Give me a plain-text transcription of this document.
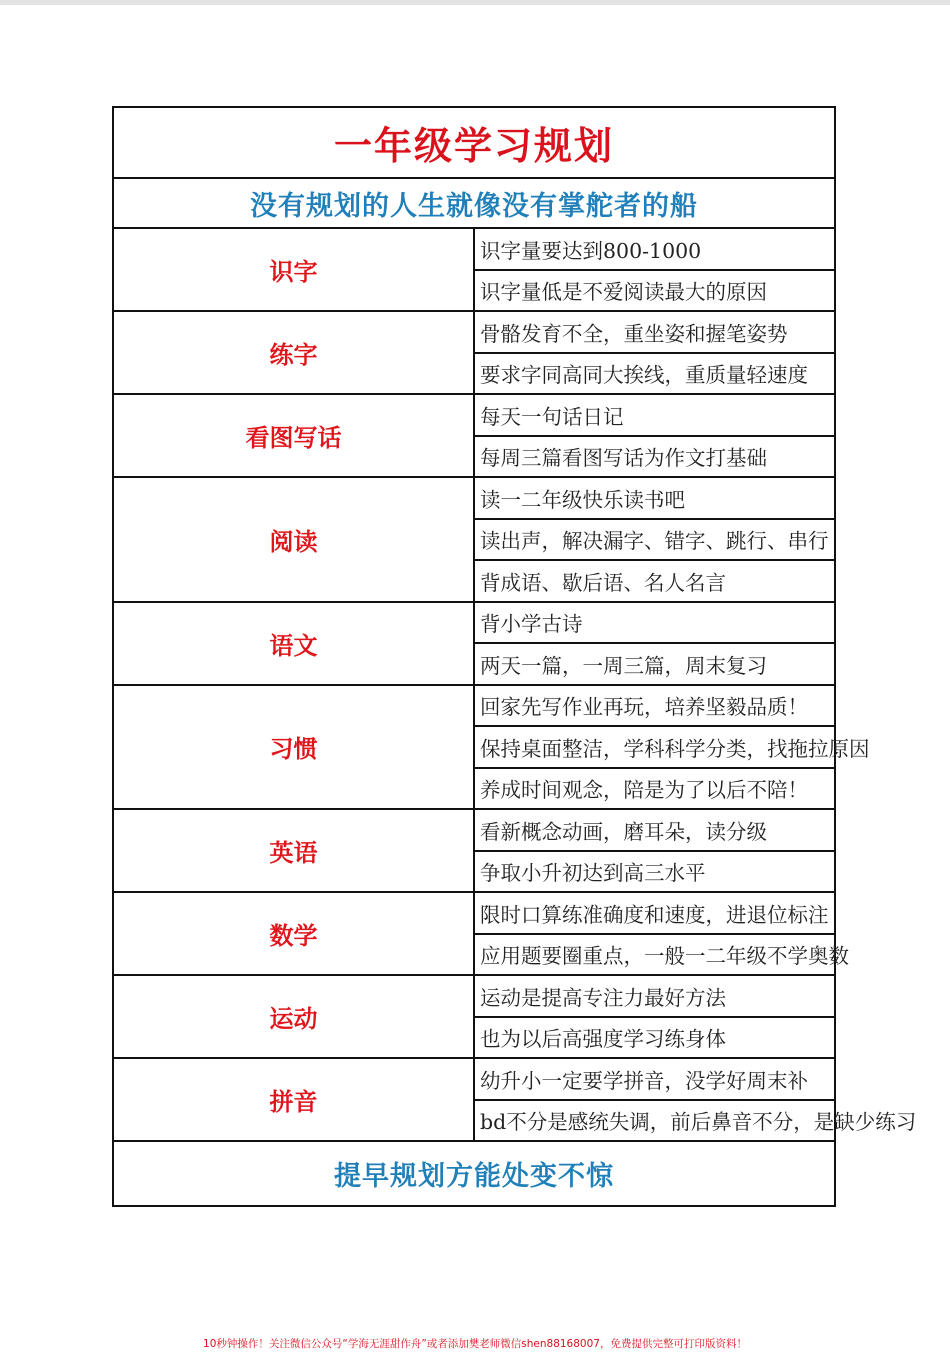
一年级学习规划	
没有规划的人生就像没有掌舵者的船	
识字	识字量要达到800-1000
	识字量低是不爱阅读最大的原因
练字	骨骼发育不全，重坐姿和握笔姿势
	要求字同高同大挨线，重质量轻速度
看图写话	每天一句话日记
	每周三篇看图写话为作文打基础
阅读	读一二年级快乐读书吧
	读出声，解决漏字、错字、跳行、串行
	背成语、歇后语、名人名言
语文	背小学古诗
	两天一篇，一周三篇，周末复习
习惯	回家先写作业再玩，培养坚毅品质！
	保持桌面整洁，学科科学分类，找拖拉原因
	养成时间观念，陪是为了以后不陪！
英语	看新概念动画，磨耳朵，读分级
	争取小升初达到高三水平
数学	限时口算练准确度和速度，进退位标注
	应用题要圈重点，一般一二年级不学奥数
运动	运动是提高专注力最好方法
	也为以后高强度学习练身体
拼音	幼升小一定要学拼音，没学好周末补
	bd不分是感统失调，前后鼻音不分，是缺少练习
提早规划方能处变不惊	
10秒钟操作！关注微信公众号“学海无涯甜作舟”或者添加樊老师微信shen88168007，免费提供完整可打印版资料！
